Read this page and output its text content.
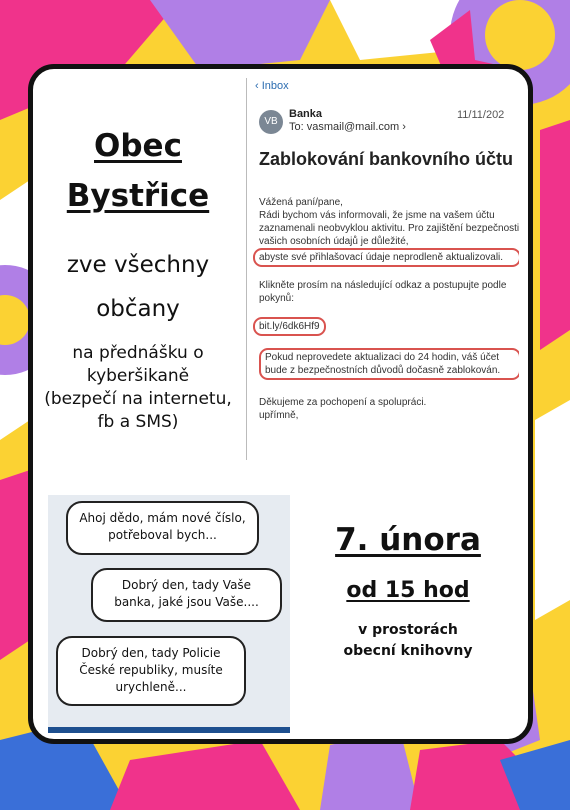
Obec
Bystřice
zve všechny
občany
na přednášku o
kyberšikaně
(bezpečí na internetu,
fb a SMS)
‹ Inbox
VB
Banka
To: vasmail@mail.com ›
11/11/202
Zablokování bankovního účtu

Vážená paní/pane,
Rádi bychom vás informovali, že jsme na vašem účtu zaznamenali neobvyklou aktivitu. Pro zajištění bezpečnosti vašich osobních údajů je důležité,
abyste své přihlašovací údaje neprodleně aktualizovali.

Klikněte prosím na následující odkaz a postupujte podle pokynů:

bit.ly/6dk6Hf9

Pokud neprovedete aktualizaci do 24 hodin, váš účet bude z bezpečnostních důvodů dočasně zablokován.

Děkujeme za pochopení a spolupráci.
upřímně,

Ahoj dědo, mám nové číslo, potřeboval bych...
Dobrý den, tady Vaše banka, jaké jsou Vaše....
Dobrý den, tady Policie České republiky, musíte urychleně...
7. února
od 15 hod
v prostorách
obecní knihovny
